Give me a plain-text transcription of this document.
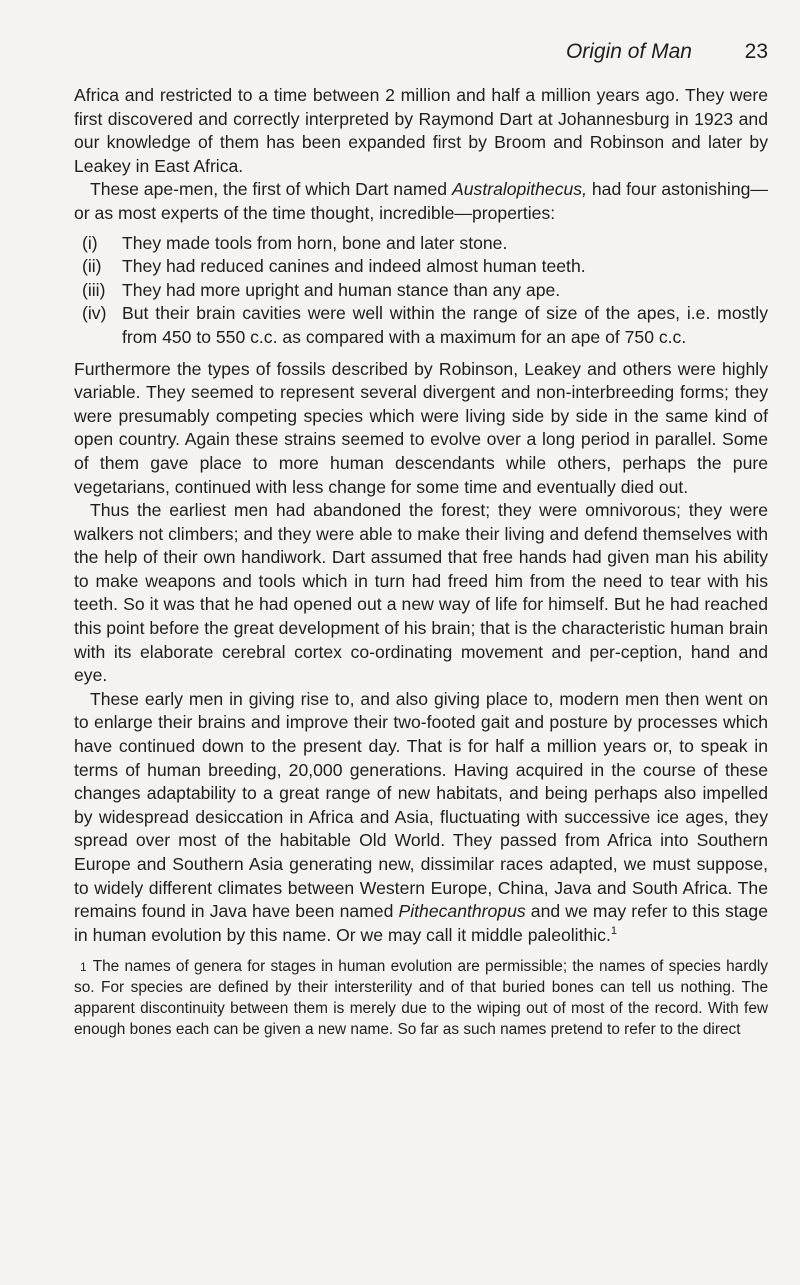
Origin of Man	23

Africa and restricted to a time between 2 million and half a million years ago. They were first discovered and correctly interpreted by Raymond Dart at Johannesburg in 1923 and our knowledge of them has been expanded first by Broom and Robinson and later by Leakey in East Africa.

These ape-men, the first of which Dart named Australopithecus, had four astonishing—or as most experts of the time thought, incredible—properties:

(i) They made tools from horn, bone and later stone.
(ii) They had reduced canines and indeed almost human teeth.
(iii) They had more upright and human stance than any ape.
(iv) But their brain cavities were well within the range of size of the apes, i.e. mostly from 450 to 550 c.c. as compared with a maximum for an ape of 750 c.c.

Furthermore the types of fossils described by Robinson, Leakey and others were highly variable. They seemed to represent several divergent and non-interbreeding forms; they were presumably competing species which were living side by side in the same kind of open country. Again these strains seemed to evolve over a long period in parallel. Some of them gave place to more human descendants while others, perhaps the pure vegetarians, continued with less change for some time and eventually died out.

Thus the earliest men had abandoned the forest; they were omnivorous; they were walkers not climbers; and they were able to make their living and defend themselves with the help of their own handiwork. Dart assumed that free hands had given man his ability to make weapons and tools which in turn had freed him from the need to tear with his teeth. So it was that he had opened out a new way of life for himself. But he had reached this point before the great development of his brain; that is the characteristic human brain with its elaborate cerebral cortex co-ordinating movement and per-ception, hand and eye.

These early men in giving rise to, and also giving place to, modern men then went on to enlarge their brains and improve their two-footed gait and posture by processes which have continued down to the present day. That is for half a million years or, to speak in terms of human breeding, 20,000 generations. Having acquired in the course of these changes adaptability to a great range of new habitats, and being perhaps also impelled by widespread desiccation in Africa and Asia, fluctuating with successive ice ages, they spread over most of the habitable Old World. They passed from Africa into Southern Europe and Southern Asia generating new, dissimilar races adapted, we must suppose, to widely different climates between Western Europe, China, Java and South Africa. The remains found in Java have been named Pithecanthropus and we may refer to this stage in human evolution by this name. Or we may call it middle paleolithic.$^1$

1 The names of genera for stages in human evolution are permissible; the names of species hardly so. For species are defined by their intersterility and of that buried bones can tell us nothing. The apparent discontinuity between them is merely due to the wiping out of most of the record. With few enough bones each can be given a new name. So far as such names pretend to refer to the direct
